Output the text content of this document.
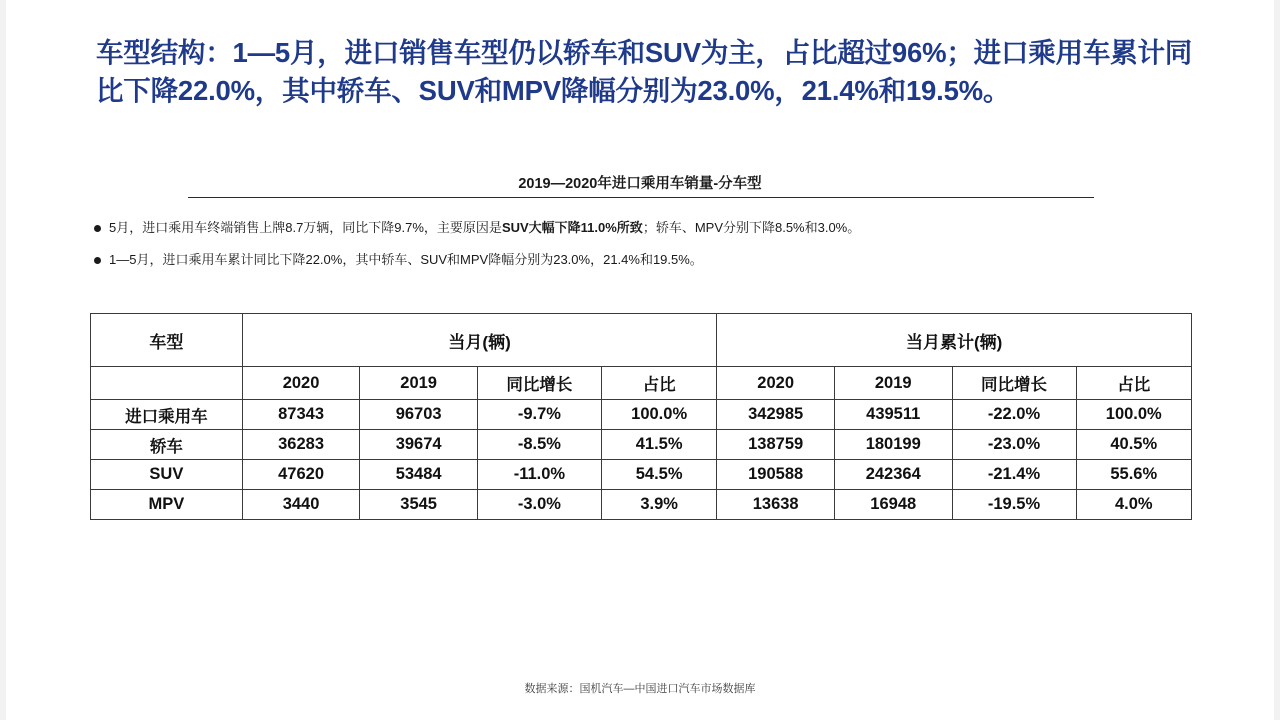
车型结构：1—5月，进口销售车型仍以轿车和SUV为主，占比超过96%；进口乘用车累计同比下降22.0%，其中轿车、SUV和MPV降幅分别为23.0%，21.4%和19.5%。
2019—2020年进口乘用车销量-分车型
5月，进口乘用车终端销售上牌8.7万辆，同比下降9.7%，主要原因是SUV大幅下降11.0%所致；轿车、MPV分别下降8.5%和3.0%。
1—5月，进口乘用车累计同比下降22.0%，其中轿车、SUV和MPV降幅分别为23.0%，21.4%和19.5%。
车型	当月(辆)				当月累计(辆)			
	2020	2019	同比增长	占比	2020	2019	同比增长	占比
进口乘用车	87343	96703	-9.7%	100.0%	342985	439511	-22.0%	100.0%
轿车	36283	39674	-8.5%	41.5%	138759	180199	-23.0%	40.5%
SUV	47620	53484	-11.0%	54.5%	190588	242364	-21.4%	55.6%
MPV	3440	3545	-3.0%	3.9%	13638	16948	-19.5%	4.0%
数据来源：国机汽车—中国进口汽车市场数据库
